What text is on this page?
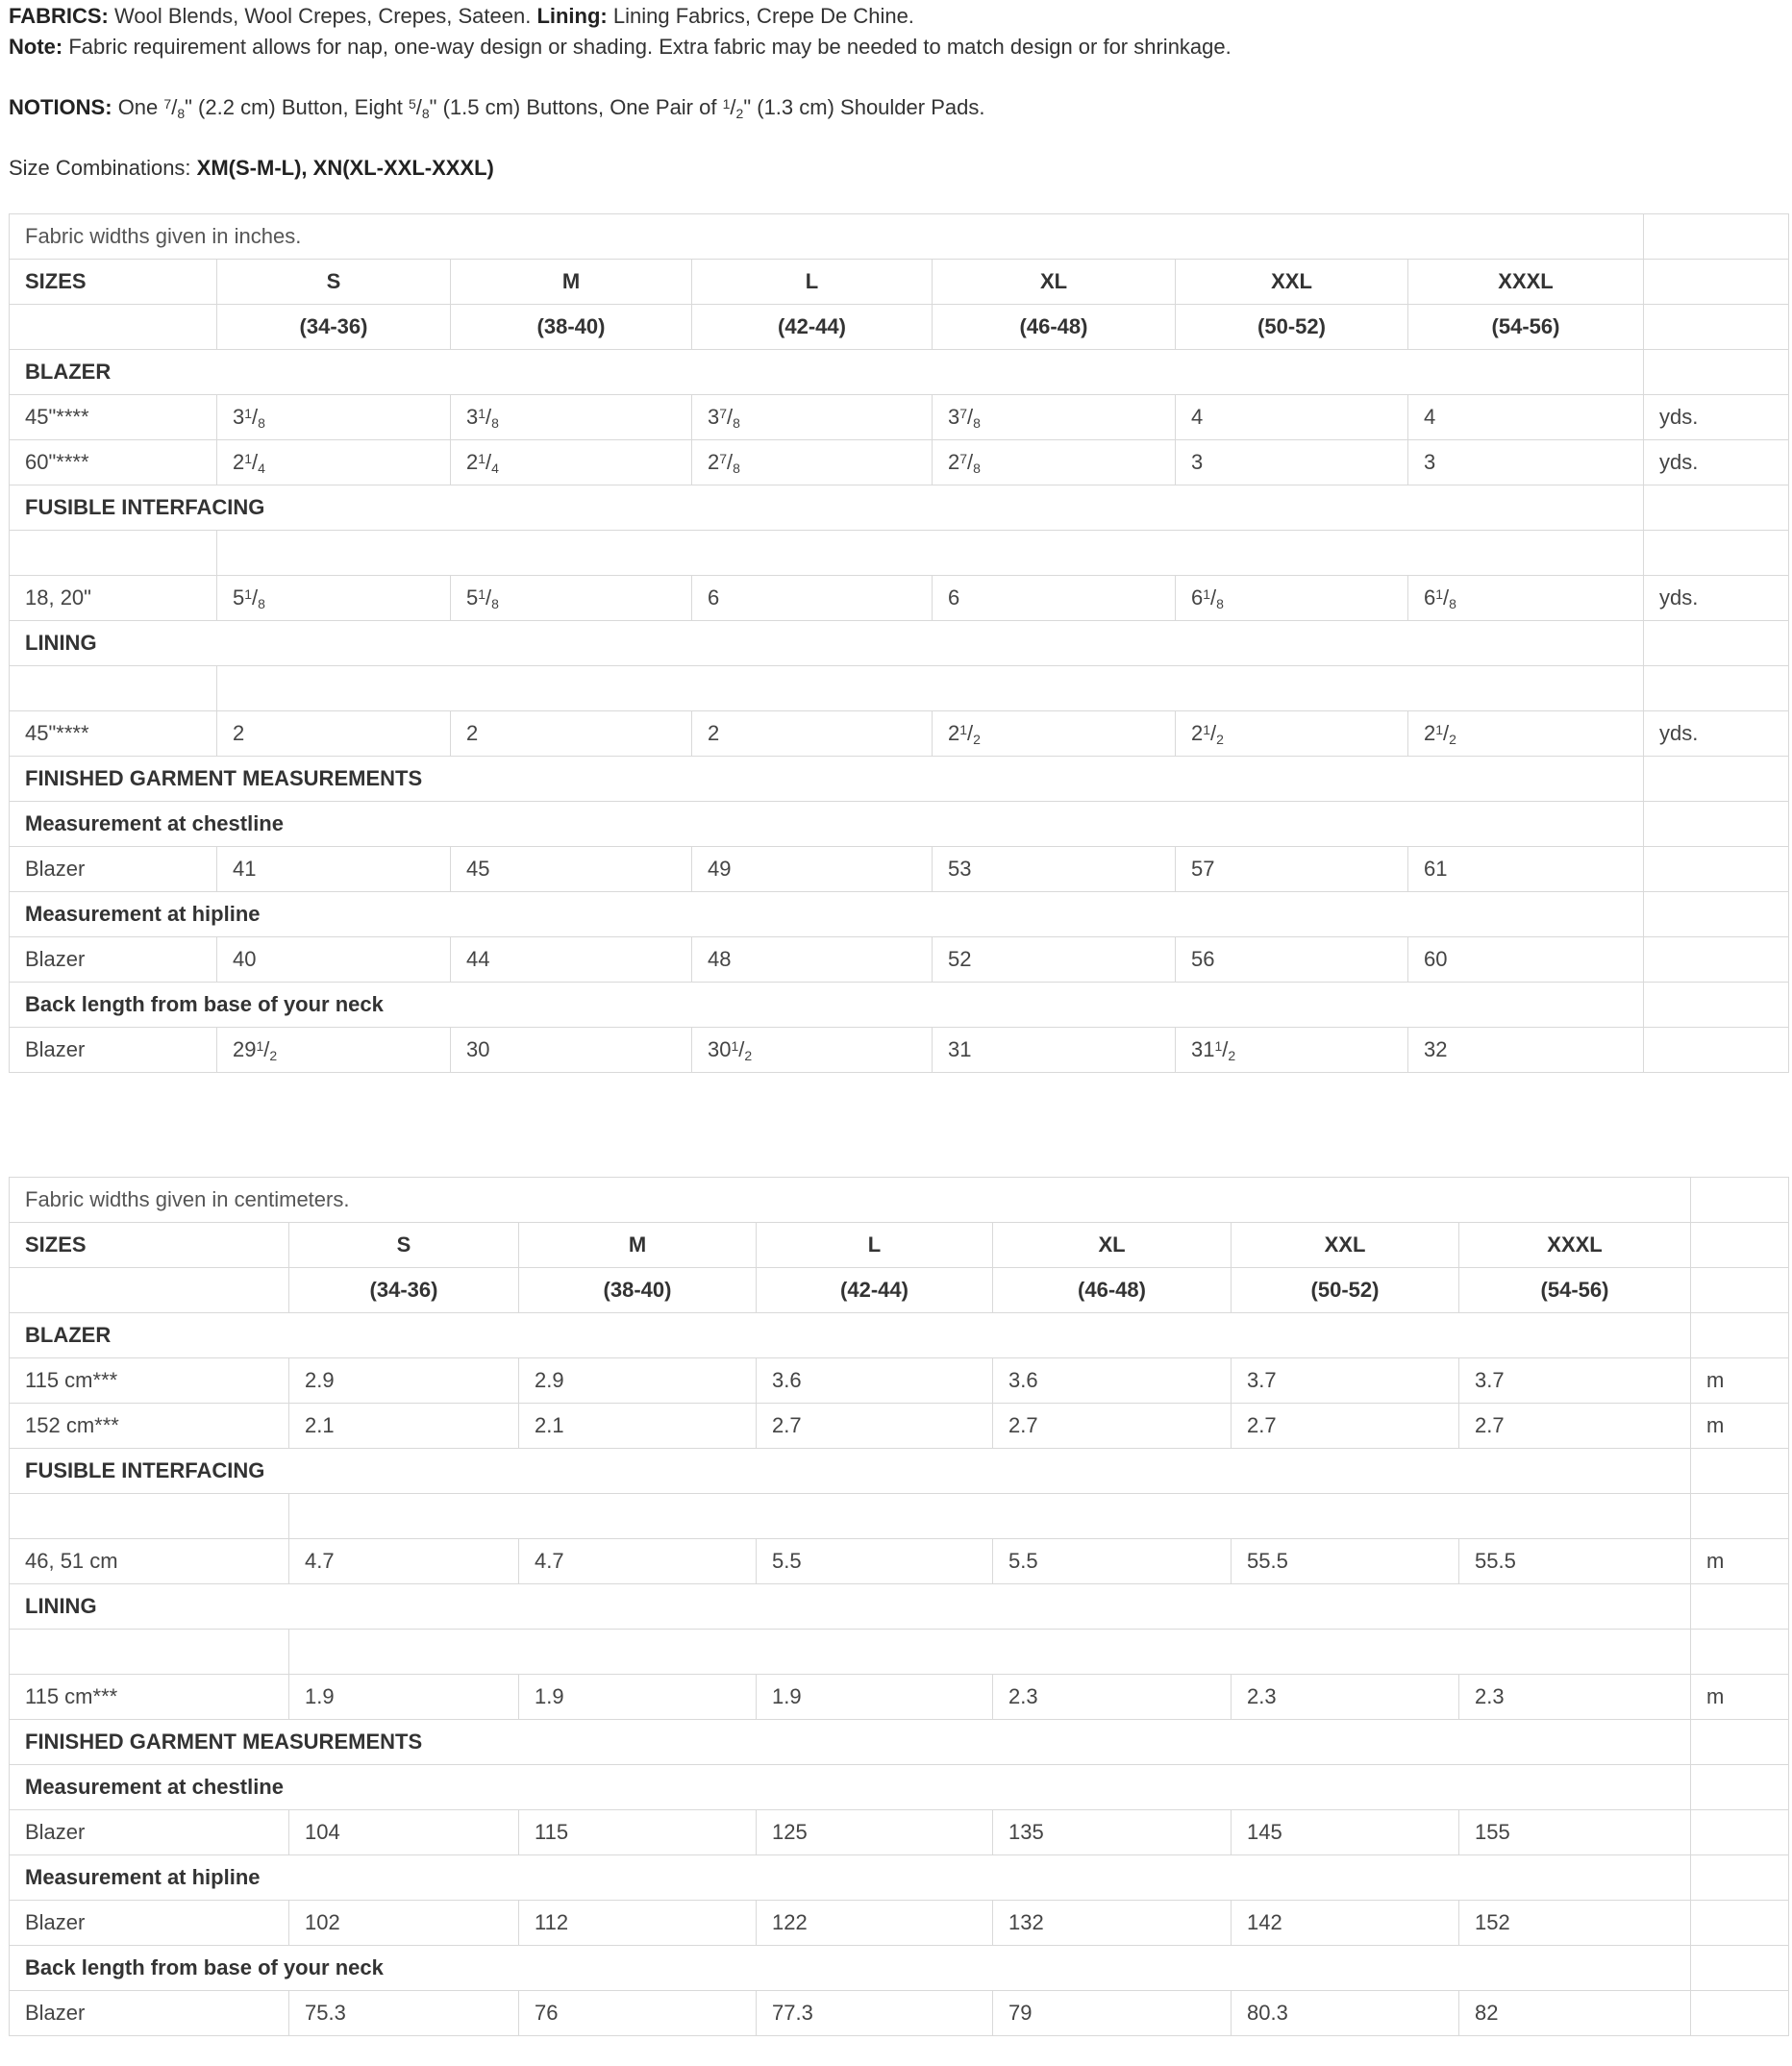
FABRICS: Wool Blends, Wool Crepes, Crepes, Sateen. Lining: Lining Fabrics, Crepe De Chine.
Note: Fabric requirement allows for nap, one-way design or shading. Extra fabric may be needed to match design or for shrinkage.
NOTIONS: One $^7/_8$" (2.2 cm) Button, Eight $^5/_8$" (1.5 cm) Buttons, One Pair of $^1/_2$" (1.3 cm) Shoulder Pads.
Size Combinations: XM(S-M-L), XN(XL-XXL-XXXL)
Fabric widths given in inches.							
SIZES	S	M	L	XL	XXL	XXXL	
	(34-36)	(38-40)	(42-44)	(46-48)	(50-52)	(54-56)	
BLAZER							
45"****	$3^1/_8$	$3^1/_8$	$3^7/_8$	$3^7/_8$	4	4	yds.
60"****	$2^1/_4$	$2^1/_4$	$2^7/_8$	$2^7/_8$	3	3	yds.
FUSIBLE INTERFACING							

18, 20"	$5^1/_8$	$5^1/_8$	6	6	$6^1/_8$	$6^1/_8$	yds.
LINING							

45"****	2	2	2	$2^1/_2$	$2^1/_2$	$2^1/_2$	yds.
FINISHED GARMENT MEASUREMENTS							
Measurement at chestline							
Blazer	41	45	49	53	57	61	
Measurement at hipline							
Blazer	40	44	48	52	56	60	
Back length from base of your neck							
Blazer	$29^1/_2$	30	$30^1/_2$	31	$31^1/_2$	32	
Fabric widths given in centimeters.							
SIZES	S	M	L	XL	XXL	XXXL	
	(34-36)	(38-40)	(42-44)	(46-48)	(50-52)	(54-56)	
BLAZER							
115 cm***	2.9	2.9	3.6	3.6	3.7	3.7	m
152 cm***	2.1	2.1	2.7	2.7	2.7	2.7	m
FUSIBLE INTERFACING							

46, 51 cm	4.7	4.7	5.5	5.5	55.5	55.5	m
LINING							

115 cm***	1.9	1.9	1.9	2.3	2.3	2.3	m
FINISHED GARMENT MEASUREMENTS							
Measurement at chestline							
Blazer	104	115	125	135	145	155	
Measurement at hipline							
Blazer	102	112	122	132	142	152	
Back length from base of your neck							
Blazer	75.3	76	77.3	79	80.3	82	
